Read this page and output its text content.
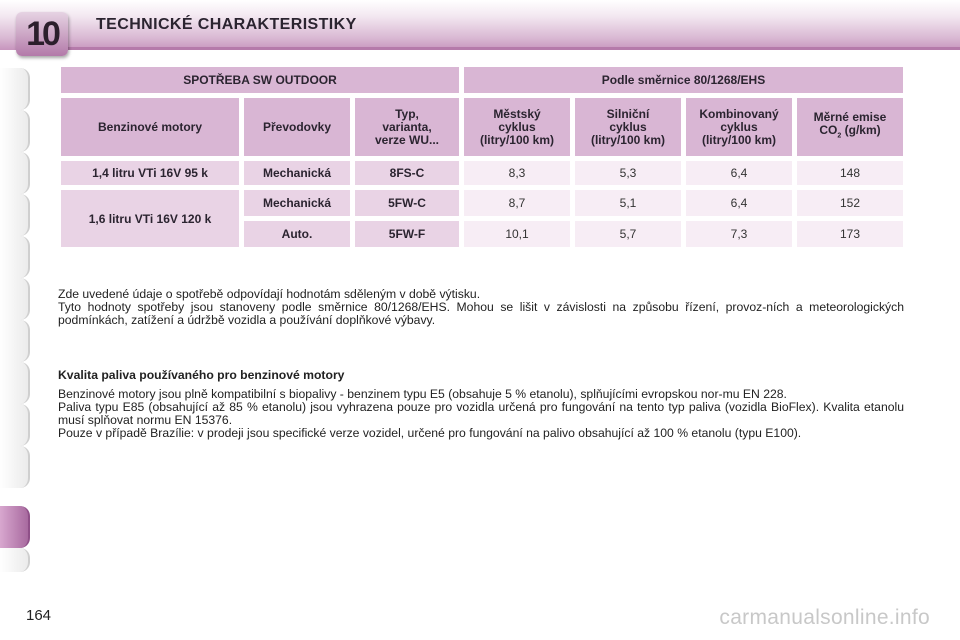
10	TECHNICKÉ CHARAKTERISTIKY
SPOTŘEBA SW OUTDOOR			Podle směrnice 80/1268/EHS			
Benzinové motory	Převodovky	Typ,
varianta,
verze WU...	Městský
cyklus
(litry/100 km)	Silniční
cyklus
(litry/100 km)	Kombinovaný
cyklus
(litry/100 km)	Měrné emise
$CO_2$ (g/km)
1,4 litru VTi 16V 95 k	Mechanická	8FS-C	8,3	5,3	6,4	148
1,6 litru VTi 16V 120 k	Mechanická	5FW-C	8,7	5,1	6,4	152
	Auto.	5FW-F	10,1	5,7	7,3	173
Zde uvedené údaje o spotřebě odpovídají hodnotám sděleným v době výtisku.
Tyto hodnoty spotřeby jsou stanoveny podle směrnice 80/1268/EHS. Mohou se lišit v závislosti na způsobu řízení, provoz-ních a meteorologických podmínkách, zatížení a údržbě vozidla a používání doplňkové výbavy.
Kvalita paliva používaného pro benzinové motory
Benzinové motory jsou plně kompatibilní s biopalivy - benzinem typu E5 (obsahuje 5 % etanolu), splňujícími evropskou nor-mu EN 228.
Paliva typu E85 (obsahující až 85 % etanolu) jsou vyhrazena pouze pro vozidla určená pro fungování na tento typ paliva (vozidla BioFlex). Kvalita etanolu musí splňovat normu EN 15376.
Pouze v případě Brazílie: v prodeji jsou specifické verze vozidel, určené pro fungování na palivo obsahující až 100 % etanolu (typu E100).
164	carmanualsonline.info
